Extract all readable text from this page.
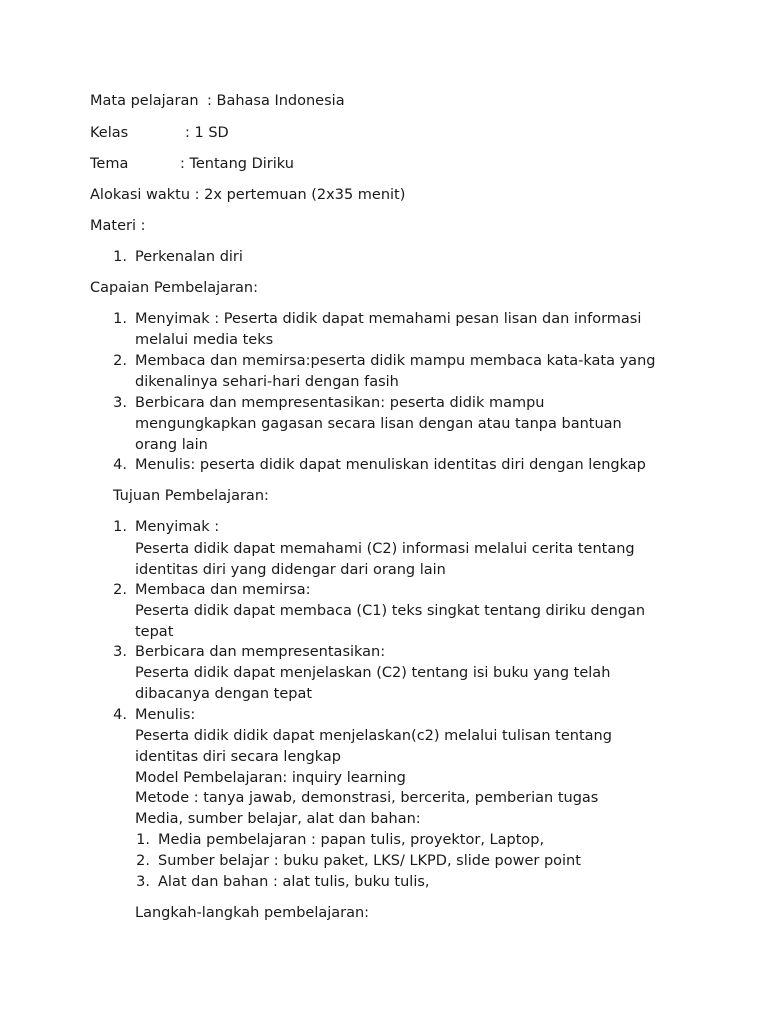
Mata pelajaran : Bahasa Indonesia
Kelas	: 1 SD
Tema	: Tentang Diriku
Alokasi waktu : 2x pertemuan (2x35 menit)
Materi :
1. Perkenalan diri
Capaian Pembelajaran:
1. Menyimak : Peserta didik dapat memahami pesan lisan dan informasi
melalui media teks
2. Membaca dan memirsa:peserta didik mampu membaca kata-kata yang
dikenalinya sehari-hari dengan fasih
3. Berbicara dan mempresentasikan: peserta didik mampu
mengungkapkan gagasan secara lisan dengan atau tanpa bantuan
orang lain
4. Menulis: peserta didik dapat menuliskan identitas diri dengan lengkap
Tujuan Pembelajaran:
1. Menyimak :
Peserta didik dapat memahami (C2) informasi melalui cerita tentang
identitas diri yang didengar dari orang lain
2. Membaca dan memirsa:
Peserta didik dapat membaca (C1) teks singkat tentang diriku dengan
tepat
3. Berbicara dan mempresentasikan:
Peserta didik dapat menjelaskan (C2) tentang isi buku yang telah
dibacanya dengan tepat
4. Menulis:
Peserta didik didik dapat menjelaskan(c2) melalui tulisan tentang
identitas diri secara lengkap
Model Pembelajaran: inquiry learning
Metode : tanya jawab, demonstrasi, bercerita, pemberian tugas
Media, sumber belajar, alat dan bahan:
1. Media pembelajaran : papan tulis, proyektor, Laptop,
2. Sumber belajar : buku paket, LKS/ LKPD, slide power point
3. Alat dan bahan : alat tulis, buku tulis,
Langkah-langkah pembelajaran:
